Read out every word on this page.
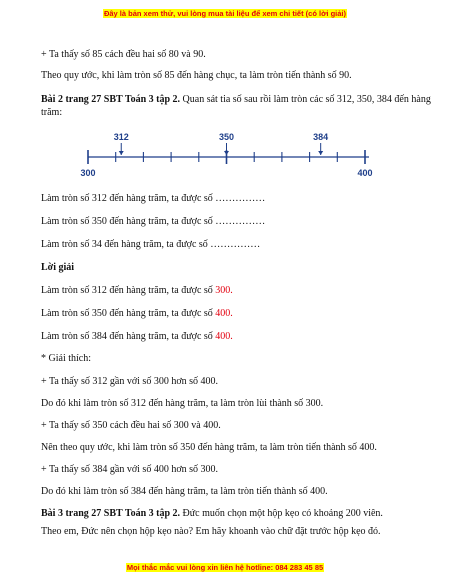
Đây là bản xem thử, vui lòng mua tài liệu để xem chi tiết (có lời giải)
+ Ta thấy số 85 cách đều hai số 80 và 90.
Theo quy ước, khi làm tròn số 85 đến hàng chục, ta làm tròn tiến thành số 90.
Bài 2 trang 27 SBT Toán 3 tập 2. Quan sát tia số sau rồi làm tròn các số 312, 350, 384 đến hàng trăm:
300	400
312	350	384
Làm tròn số 312 đến hàng trăm, ta được số ……………
Làm tròn số 350 đến hàng trăm, ta được số ……………
Làm tròn số 34 đến hàng trăm, ta được số ……………
Lời giải
Làm tròn số 312 đến hàng trăm, ta được số 300.
Làm tròn số 350 đến hàng trăm, ta được số 400.
Làm tròn số 384 đến hàng trăm, ta được số 400.
* Giải thích:
+ Ta thấy số 312 gần với số 300 hơn số 400.
Do đó khi làm tròn số 312 đến hàng trăm, ta làm tròn lùi thành số 300.
+ Ta thấy số 350 cách đều hai số 300 và 400.
Nên theo quy ước, khi làm tròn số 350 đến hàng trăm, ta làm tròn tiến thành số 400.
+ Ta thấy số 384 gần với số 400 hơn số 300.
Do đó khi làm tròn số 384 đến hàng trăm, ta làm tròn tiến thành số 400.
Bài 3 trang 27 SBT Toán 3 tập 2. Đức muốn chọn một hộp kẹo có khoảng 200 viên.
Theo em, Đức nên chọn hộp kẹo nào? Em hãy khoanh vào chữ đặt trước hộp kẹo đó.
Mọi thắc mắc vui lòng xin liên hệ hotline: 084 283 45 85
